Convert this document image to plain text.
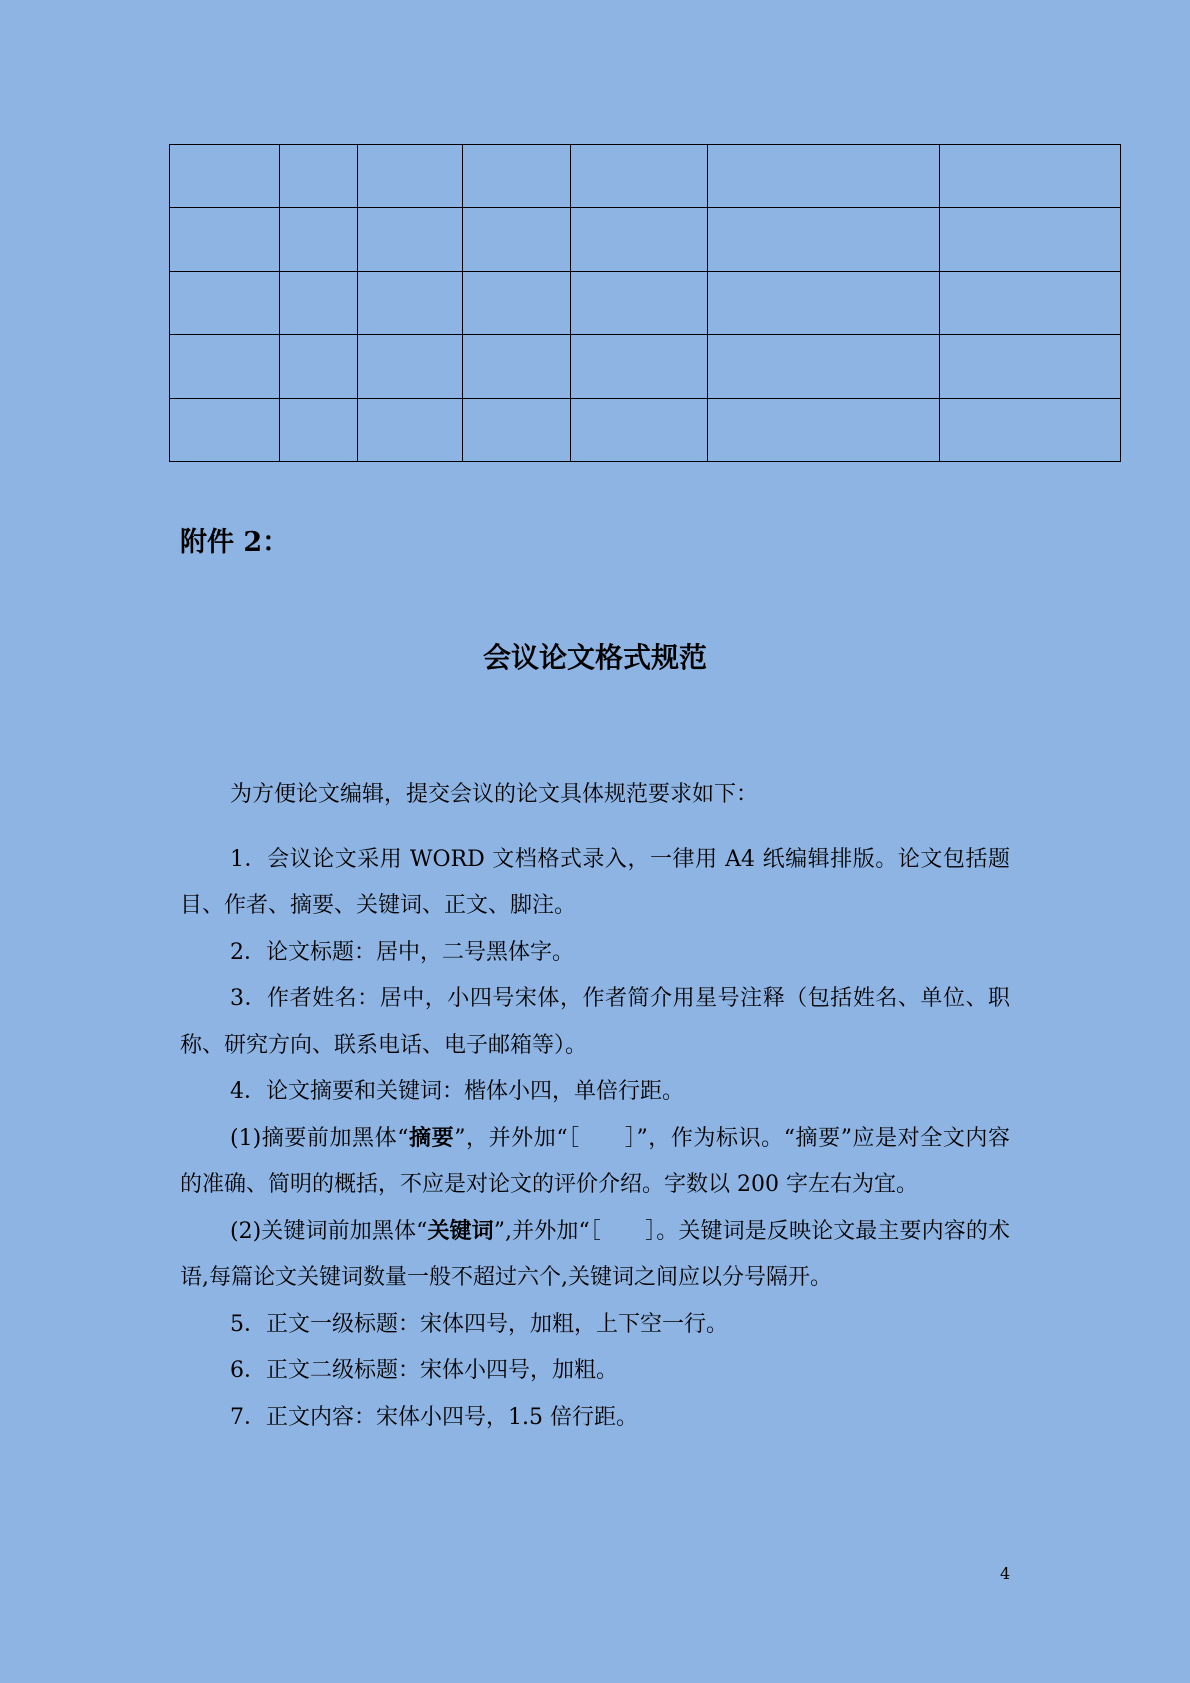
附件 2：
会议论文格式规范

为方便论文编辑，提交会议的论文具体规范要求如下：

1．会议论文采用 WORD 文档格式录入，一律用 A4 纸编辑排版。论文包括题目、作者、摘要、关键词、正文、脚注。

2．论文标题：居中，二号黑体字。

3．作者姓名：居中，小四号宋体，作者简介用星号注释（包括姓名、单位、职称、研究方向、联系电话、电子邮箱等）。

4．论文摘要和关键词：楷体小四，单倍行距。

(1)摘要前加黑体“摘要”，并外加“［　　］”，作为标识。“摘要”应是对全文内容的准确、简明的概括，不应是对论文的评价介绍。字数以 200 字左右为宜。

(2)关键词前加黑体“关键词”,并外加“［　　］。关键词是反映论文最主要内容的术语,每篇论文关键词数量一般不超过六个,关键词之间应以分号隔开。

5．正文一级标题：宋体四号，加粗，上下空一行。

6．正文二级标题：宋体小四号，加粗。

7．正文内容：宋体小四号，1.5 倍行距。

4
